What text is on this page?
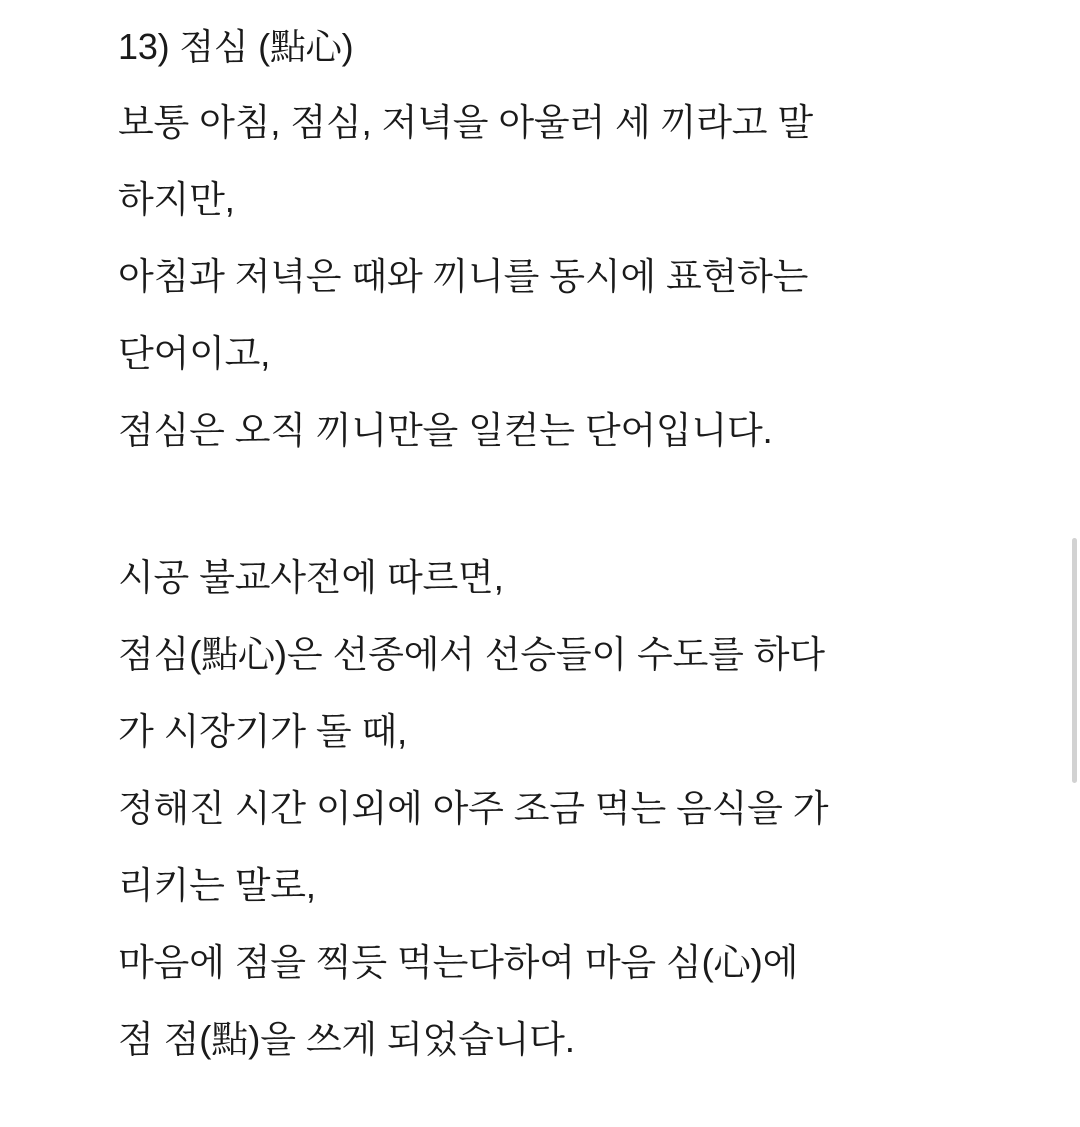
13) 점심 (點心)
보통 아침, 점심, 저녁을 아울러 세 끼라고 말
하지만,
아침과 저녁은 때와 끼니를 동시에 표현하는
단어이고,
점심은 오직 끼니만을 일컫는 단어입니다.
시공 불교사전에 따르면,
점심(點心)은 선종에서 선승들이 수도를 하다
가 시장기가 돌 때,
정해진 시간 이외에 아주 조금 먹는 음식을 가
리키는 말로,
마음에 점을 찍듯 먹는다하여 마음 심(心)에
점 점(點)을 쓰게 되었습니다.
